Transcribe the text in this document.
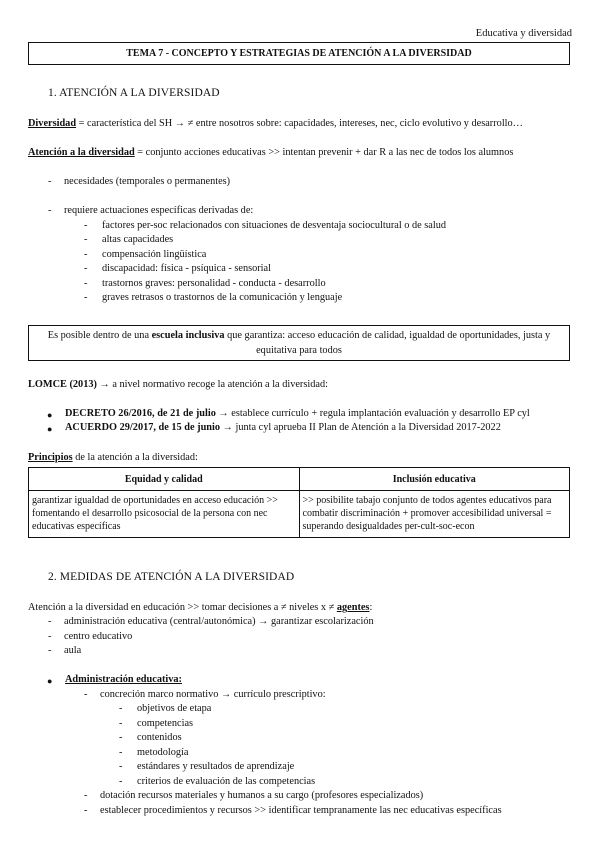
Educativa y diversidad
TEMA 7 - CONCEPTO Y ESTRATEGIAS DE ATENCIÓN A LA DIVERSIDAD
1. ATENCIÓN A LA DIVERSIDAD
Diversidad = característica del SH → ≠ entre nosotros sobre: capacidades, intereses, nec, ciclo evolutivo y desarrollo…
Atención a la diversidad = conjunto acciones educativas >> intentan prevenir + dar R a las nec de todos los alumnos
- necesidades (temporales o permanentes)
- requiere actuaciones específicas derivadas de:
- factores per-soc relacionados con situaciones de desventaja sociocultural o de salud
- altas capacidades
- compensación lingüística
- discapacidad: física - psíquica - sensorial
- trastornos graves: personalidad - conducta - desarrollo
- graves retrasos o trastornos de la comunicación y lenguaje
Es posible dentro de una escuela inclusiva que garantiza: acceso educación de calidad, igualdad de oportunidades, justa y equitativa para todos
LOMCE (2013) → a nivel normativo recoge la atención a la diversidad:
● DECRETO 26/2016, de 21 de julio → establece currículo + regula implantación evaluación y desarrollo EP cyl
● ACUERDO 29/2017, de 15 de junio → junta cyl aprueba II Plan de Atención a la Diversidad 2017-2022
Principios de la atención a la diversidad:
Equidad y calidad	Inclusión educativa
garantizar igualdad de oportunidades en acceso educación >> fomentando el desarrollo psicosocial de la persona con nec educativas específicas	>> posibilite tabajo conjunto de todos agentes educativos para combatir discriminación + promover accesibilidad universal = superando desigualdades per-cult-soc-econ
2. MEDIDAS DE ATENCIÓN A LA DIVERSIDAD
Atención a la diversidad en educación >> tomar decisiones a ≠ niveles x ≠ agentes:
- administración educativa (central/autonómica) → garantizar escolarización
- centro educativo
- aula
● Administración educativa:
- concreción marco normativo → currículo prescriptivo:
- objetivos de etapa
- competencias
- contenidos
- metodología
- estándares y resultados de aprendizaje
- criterios de evaluación de las competencias
- dotación recursos materiales y humanos a su cargo (profesores especializados)
- establecer procedimientos y recursos >> identificar tempranamente las nec educativas específicas
